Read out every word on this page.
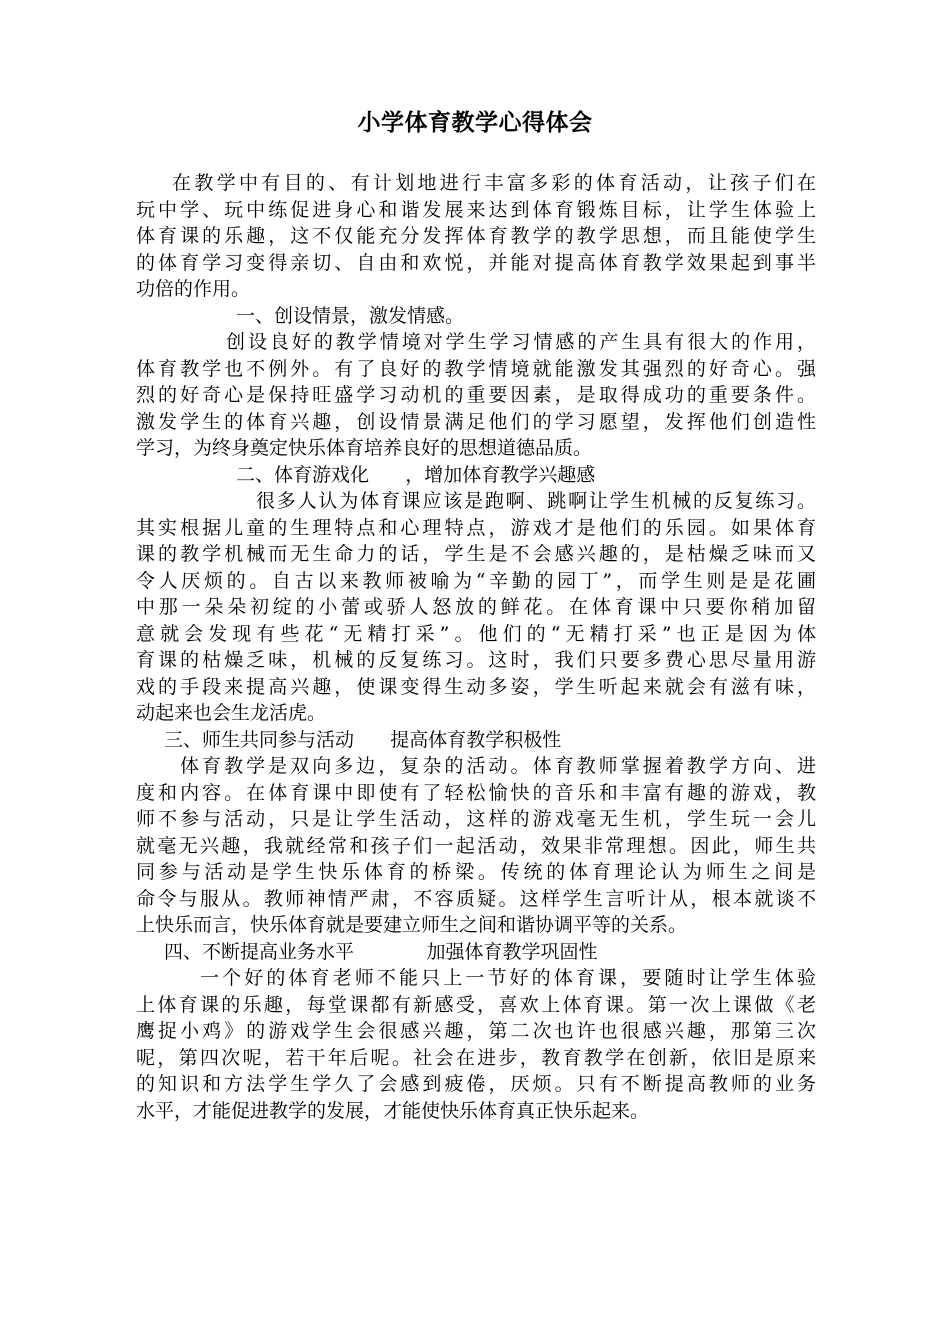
小学体育教学心得体会
在教学中有目的、有计划地进行丰富多彩的体育活动，让孩子们在
玩中学、玩中练促进身心和谐发展来达到体育锻炼目标，让学生体验上
体育课的乐趣，这不仅能充分发挥体育教学的教学思想，而且能使学生
的体育学习变得亲切、自由和欢悦，并能对提高体育教学效果起到事半
功倍的作用。
一、创设情景，激发情感。
创设良好的教学情境对学生学习情感的产生具有很大的作用，
体育教学也不例外。有了良好的教学情境就能激发其强烈的好奇心。强
烈的好奇心是保持旺盛学习动机的重要因素，是取得成功的重要条件。
激发学生的体育兴趣，创设情景满足他们的学习愿望，发挥他们创造性
学习，为终身奠定快乐体育培养良好的思想道德品质。
二、体育游戏化      ，增加体育教学兴趣感
很多人认为体育课应该是跑啊、跳啊让学生机械的反复练习。
其实根据儿童的生理特点和心理特点，游戏才是他们的乐园。如果体育
课的教学机械而无生命力的话，学生是不会感兴趣的，是枯燥乏味而又
令人厌烦的。自古以来教师被喻为“辛勤的园丁”，而学生则是是花圃
中那一朵朵初绽的小蕾或骄人怒放的鲜花。在体育课中只要你稍加留
意就会发现有些花“无精打采”。他们的“无精打采”也正是因为体
育课的枯燥乏味，机械的反复练习。这时，我们只要多费心思尽量用游
戏的手段来提高兴趣，使课变得生动多姿，学生听起来就会有滋有味，
动起来也会生龙活虎。
三、师生共同参与活动      提高体育教学积极性
体育教学是双向多边，复杂的活动。体育教师掌握着教学方向、进
度和内容。在体育课中即使有了轻松愉快的音乐和丰富有趣的游戏，教
师不参与活动，只是让学生活动，这样的游戏毫无生机，学生玩一会儿
就毫无兴趣，我就经常和孩子们一起活动，效果非常理想。因此，师生共
同参与活动是学生快乐体育的桥梁。传统的体育理论认为师生之间是
命令与服从。教师神情严肃，不容质疑。这样学生言听计从，根本就谈不
上快乐而言，快乐体育就是要建立师生之间和谐协调平等的关系。
四、不断提高业务水平            加强体育教学巩固性
一个好的体育老师不能只上一节好的体育课，要随时让学生体验
上体育课的乐趣，每堂课都有新感受，喜欢上体育课。第一次上课做《老
鹰捉小鸡》的游戏学生会很感兴趣，第二次也许也很感兴趣，那第三次
呢，第四次呢，若干年后呢。社会在进步，教育教学在创新，依旧是原来
的知识和方法学生学久了会感到疲倦，厌烦。只有不断提高教师的业务
水平，才能促进教学的发展，才能使快乐体育真正快乐起来。
